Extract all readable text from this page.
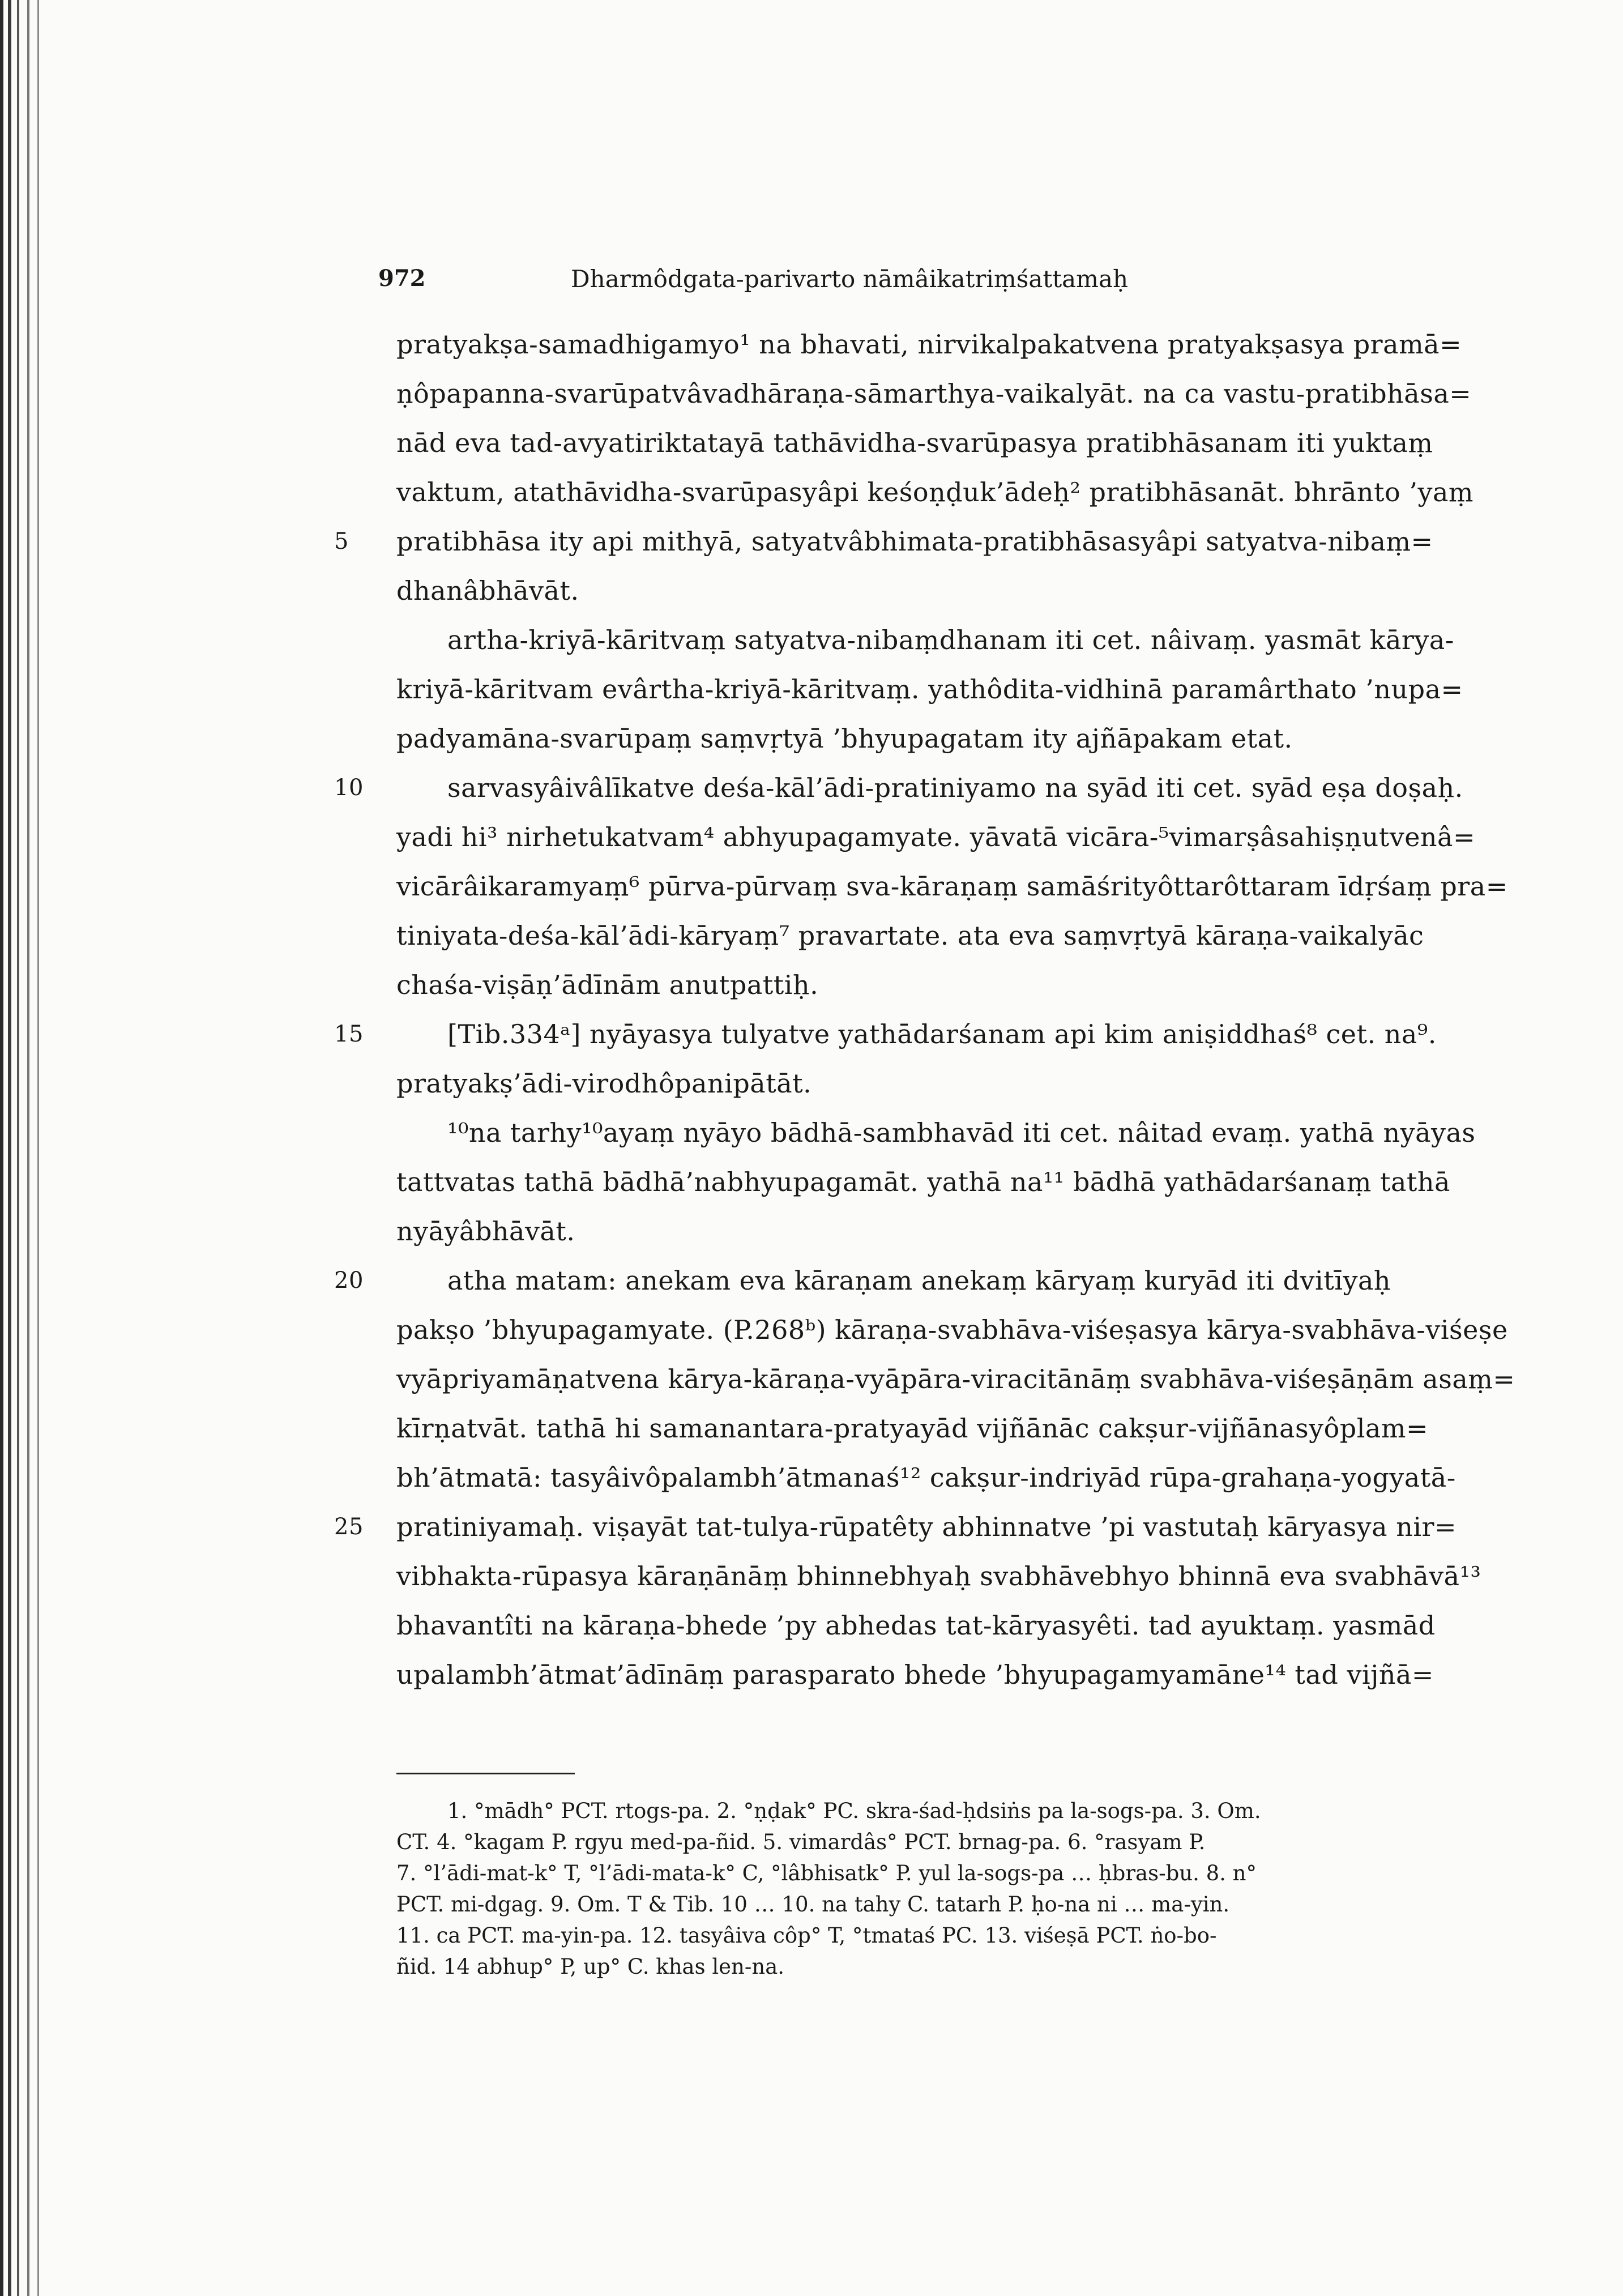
972	Dharmôdgata-parivarto nāmâikatriṃśattamaḥ
pratyakṣa-samadhigamyo¹ na bhavati, nirvikalpakatvena pratyakṣasya pramā=
ṇôpapanna-svarūpatvâvadhāraṇa-sāmarthya-vaikalyāt. na ca vastu-pratibhāsa=
nād eva tad-avyatiriktatayā tathāvidha-svarūpasya pratibhāsanam iti yuktaṃ
vaktum, atathāvidha-svarūpasyâpi keśoṇḍuk’ādeḥ² pratibhāsanāt. bhrānto ’yaṃ
5 pratibhāsa ity api mithyā, satyatvâbhimata-pratibhāsasyâpi satyatva-nibaṃ=
dhanâbhāvāt.
artha-kriyā-kāritvaṃ satyatva-nibaṃdhanam iti cet. nâivaṃ. yasmāt kārya-
kriyā-kāritvam evârtha-kriyā-kāritvaṃ. yathôdita-vidhinā paramârthato ’nupa=
padyamāna-svarūpaṃ saṃvṛtyā ’bhyupagatam ity ajñāpakam etat.
10	sarvasyâivâlīkatve deśa-kāl’ādi-pratiniyamo na syād iti cet. syād eṣa doṣaḥ.
yadi hi³ nirhetukatvam⁴ abhyupagamyate. yāvatā vicāra-⁵vimarṣâsahiṣṇutvenâ=
vicārâikaramyaṃ⁶ pūrva-pūrvaṃ sva-kāraṇaṃ samāśrityôttarôttaram īdṛśaṃ pra=
tiniyata-deśa-kāl’ādi-kāryaṃ⁷ pravartate. ata eva saṃvṛtyā kāraṇa-vaikalyāc
chaśa-viṣāṇ’ādīnām anutpattiḥ.
15	[Tib.334ᵃ] nyāyasya tulyatve yathādarśanam api kim aniṣiddhaś⁸ cet. na⁹.
pratyakṣ’ādi-virodhôpanipātāt.
¹⁰na tarhy¹⁰ayaṃ nyāyo bādhā-sambhavād iti cet. nâitad evaṃ. yathā nyāyas
tattvatas tathā bādhā’nabhyupagamāt. yathā na¹¹ bādhā yathādarśanaṃ tathā
nyāyâbhāvāt.
20	atha matam: anekam eva kāraṇam anekaṃ kāryaṃ kuryād iti dvitīyaḥ
pakṣo ’bhyupagamyate. (P.268ᵇ) kāraṇa-svabhāva-viśeṣasya kārya-svabhāva-viśeṣe
vyāpriyamāṇatvena kārya-kāraṇa-vyāpāra-viracitānāṃ svabhāva-viśeṣāṇām asaṃ=
kīrṇatvāt. tathā hi samanantara-pratyayād vijñānāc cakṣur-vijñānasyôplam=
bh’ātmatā: tasyâivôpalambh’ātmanaś¹² cakṣur-indriyād rūpa-grahaṇa-yogyatā-
25 pratiniyamaḥ. viṣayāt tat-tulya-rūpatêty abhinnatve ’pi vastutaḥ kāryasya nir=
vibhakta-rūpasya kāraṇānāṃ bhinnebhyaḥ svabhāvebhyo bhinnā eva svabhāvā¹³
bhavantîti na kāraṇa-bhede ’py abhedas tat-kāryasyêti. tad ayuktaṃ. yasmād
upalambh’ātmat’ādīnāṃ parasparato bhede ’bhyupagamyamāne¹⁴ tad vijñā=
1. °mādh° PCT. rtogs-pa. 2. °ṇḍak° PC. skra-śad-ḥdsiṅs pa la-sogs-pa. 3. Om.
CT. 4. °kagam P. rgyu med-pa-ñid. 5. vimardâs° PCT. brnag-pa. 6. °rasyam P.
7. °l’ādi-mat-k° T, °l’ādi-mata-k° C, °lâbhisatk° P. yul la-sogs-pa … ḥbras-bu. 8. n°
PCT. mi-dgag. 9. Om. T & Tib. 10 … 10. na tahy C. tatarh P. ḥo-na ni … ma-yin.
11. ca PCT. ma-yin-pa. 12. tasyâiva côp° T, °tmataś PC. 13. viśeṣā PCT. ṅo-bo-
ñid. 14 abhup° P, up° C. khas len-na.
